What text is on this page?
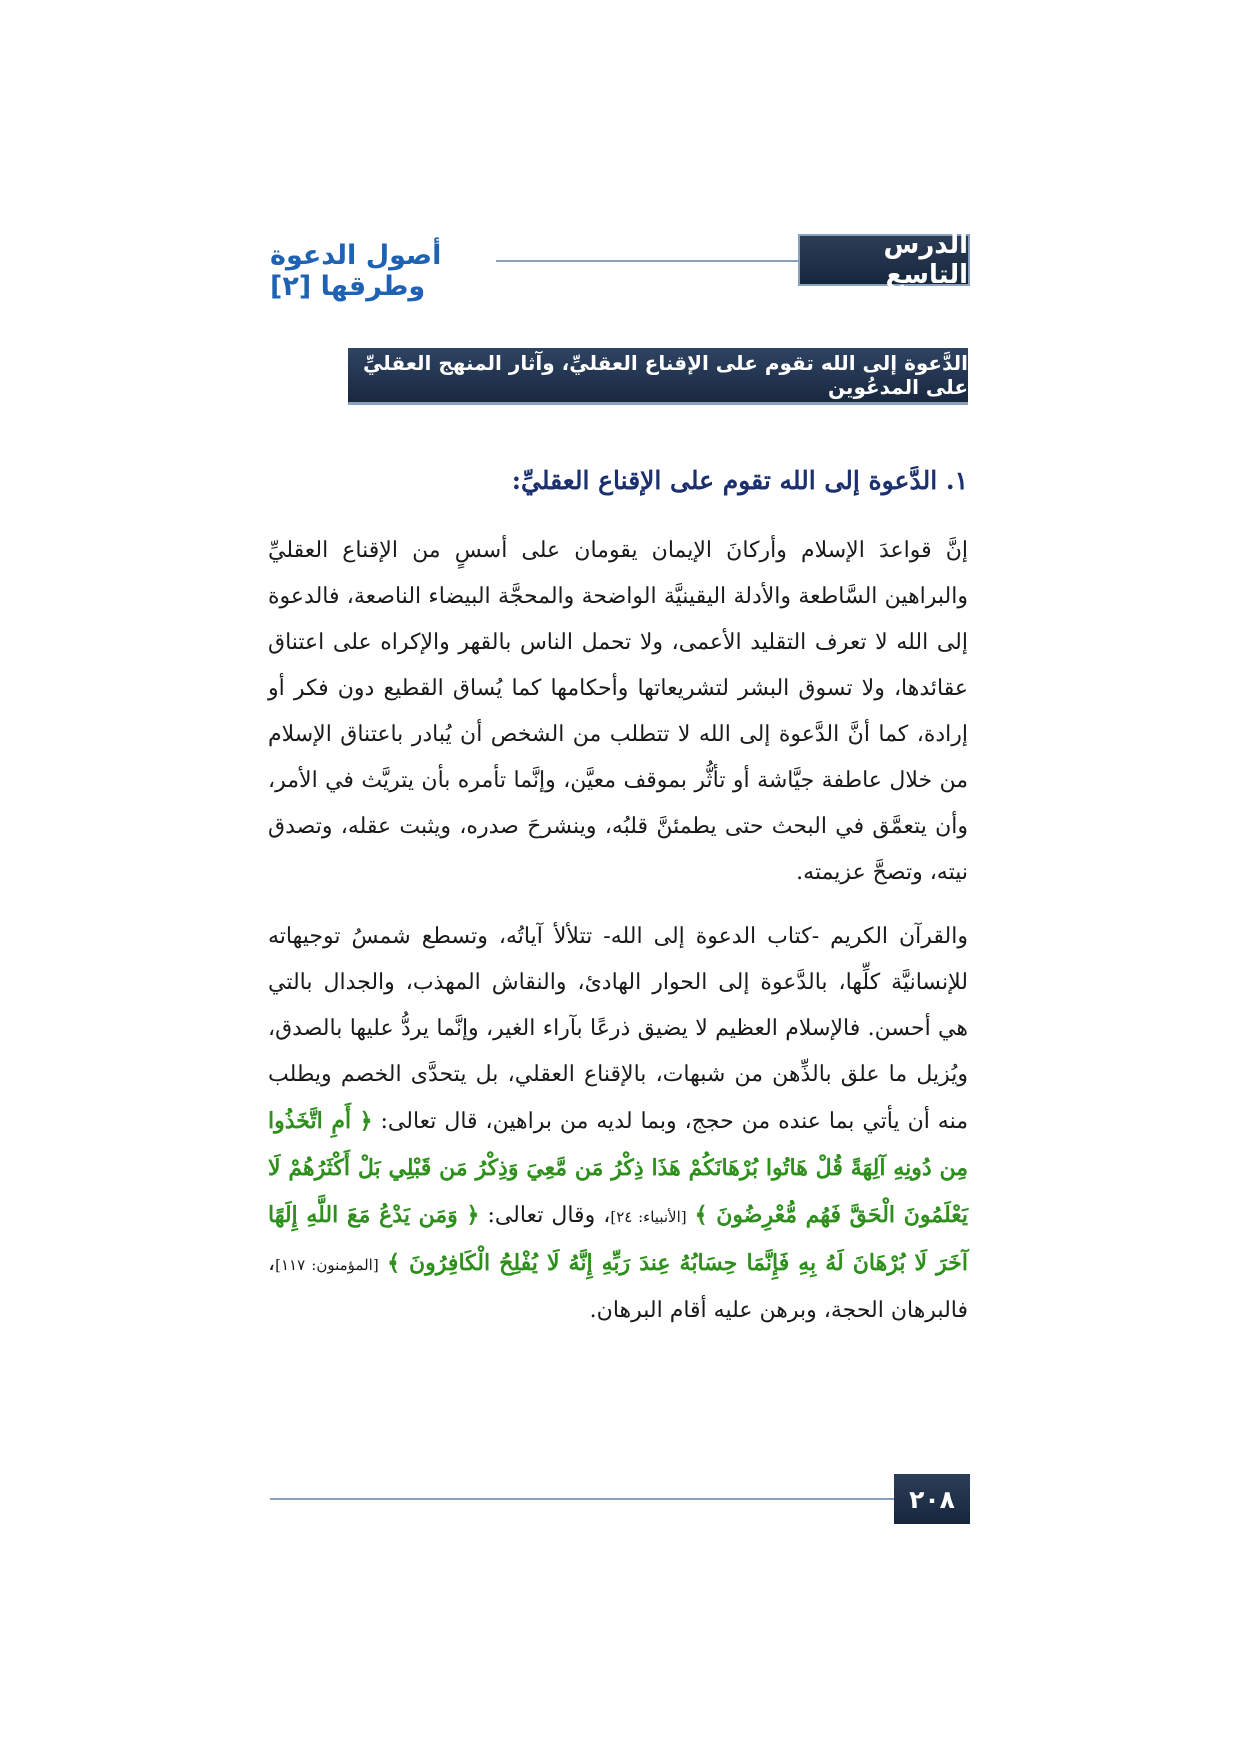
أصول الدعوة وطرقها [٢]
الدرس التاسع
الدَّعوة إلى الله تقوم على الإقناع العقليِّ، وآثار المنهج العقليِّ على المدعُوين
١. الدَّعوة إلى الله تقوم على الإقناع العقليِّ:

إنَّ قواعدَ الإسلام وأركانَ الإيمان يقومان على أسسٍ من الإقناع العقليِّ والبراهين السَّاطعة والأدلة اليقينيَّة الواضحة والمحجَّة البيضاء الناصعة، فالدعوة إلى الله لا تعرف التقليد الأعمى، ولا تحمل الناس بالقهر والإكراه على اعتناق عقائدها، ولا تسوق البشر لتشريعاتها وأحكامها كما يُساق القطيع دون فكر أو إرادة، كما أنَّ الدَّعوة إلى الله لا تتطلب من الشخص أن يُبادر باعتناق الإسلام من خلال عاطفة جيَّاشة أو تأثُّر بموقف معيَّن، وإنَّما تأمره بأن يتريَّث في الأمر، وأن يتعمَّق في البحث حتى يطمئنَّ قلبُه، وينشرحَ صدره، ويثبت عقله، وتصدق نيته، وتصحَّ عزيمته.

والقرآن الكريم -كتاب الدعوة إلى الله- تتلألأ آياتُه، وتسطع شمسُ توجيهاته للإنسانيَّة كلِّها، بالدَّعوة إلى الحوار الهادئ، والنقاش المهذب، والجدال بالتي هي أحسن. فالإسلام العظيم لا يضيق ذرعًا بآراء الغير، وإنَّما يردُّ عليها بالصدق، ويُزيل ما علق بالذِّهن من شبهات، بالإقناع العقلي، بل يتحدَّى الخصم ويطلب منه أن يأتي بما عنده من حجج، وبما لديه من براهين، قال تعالى: ﴿ أَمِ اتَّخَذُوا مِن دُونِهِ آلِهَةً قُلْ هَاتُوا بُرْهَانَكُمْ هَذَا ذِكْرُ مَن مَّعِيَ وَذِكْرُ مَن قَبْلِي بَلْ أَكْثَرُهُمْ لَا يَعْلَمُونَ الْحَقَّ فَهُم مُّعْرِضُونَ ﴾ [الأنبياء: ٢٤]، وقال تعالى: ﴿ وَمَن يَدْعُ مَعَ اللَّهِ إِلَهًا آخَرَ لَا بُرْهَانَ لَهُ بِهِ فَإِنَّمَا حِسَابُهُ عِندَ رَبِّهِ إِنَّهُ لَا يُفْلِحُ الْكَافِرُونَ ﴾ [المؤمنون: ١١٧]، فالبرهان الحجة، وبرهن عليه أقام البرهان.

٢٠٨
